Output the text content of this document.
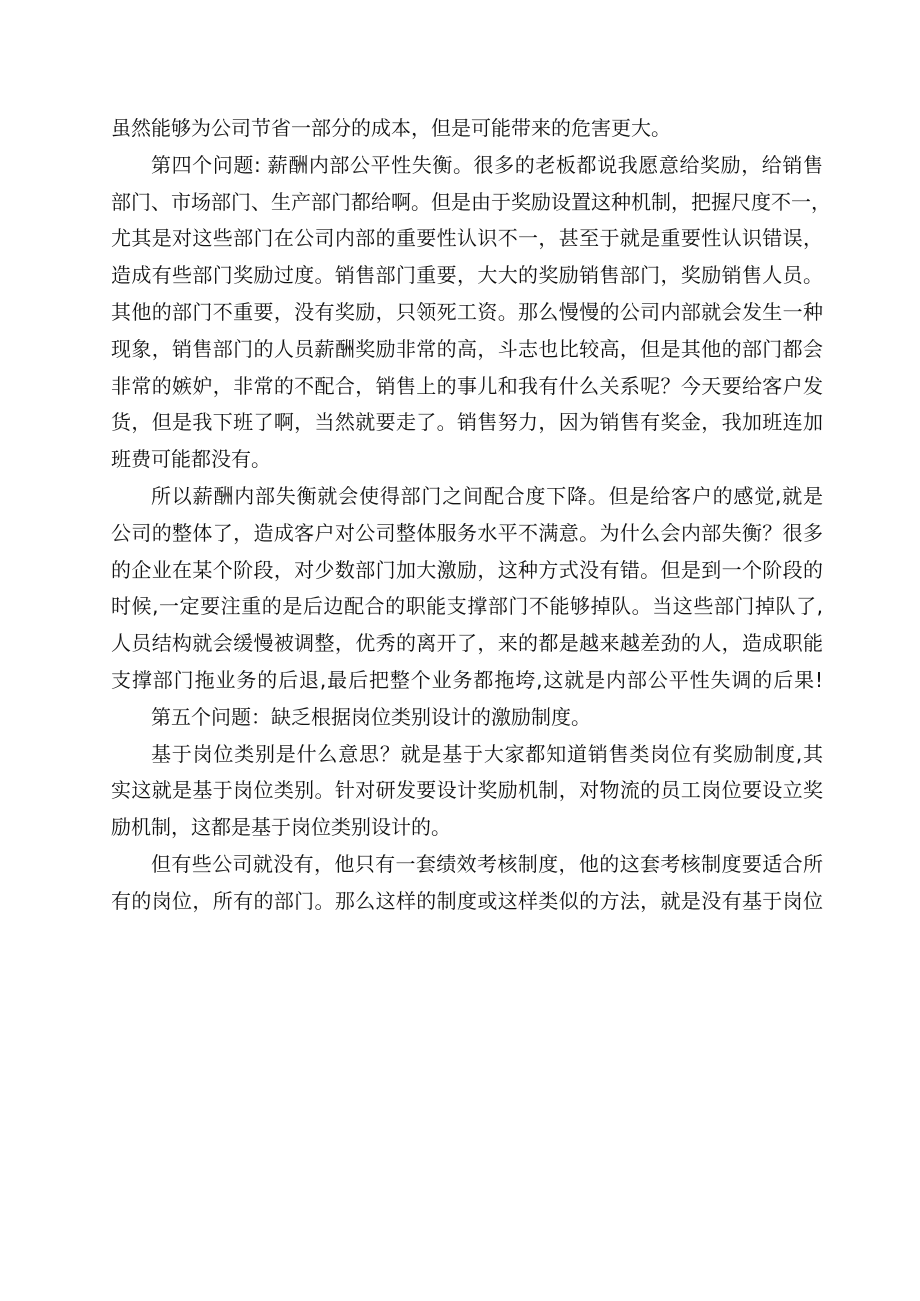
虽然能够为公司节省一部分的成本，但是可能带来的危害更大。
第四个问题: 薪酬内部公平性失衡。很多的老板都说我愿意给奖励，给销售
部门、市场部门、生产部门都给啊。但是由于奖励设置这种机制，把握尺度不一，
尤其是对这些部门在公司内部的重要性认识不一，甚至于就是重要性认识错误，
造成有些部门奖励过度。销售部门重要，大大的奖励销售部门，奖励销售人员。
其他的部门不重要，没有奖励，只领死工资。那么慢慢的公司内部就会发生一种
现象，销售部门的人员薪酬奖励非常的高，斗志也比较高，但是其他的部门都会
非常的嫉妒，非常的不配合，销售上的事儿和我有什么关系呢？今天要给客户发
货，但是我下班了啊，当然就要走了。销售努力，因为销售有奖金，我加班连加
班费可能都没有。
所以薪酬内部失衡就会使得部门之间配合度下降。但是给客户的感觉,就是
公司的整体了，造成客户对公司整体服务水平不满意。为什么会内部失衡？很多
的企业在某个阶段，对少数部门加大激励，这种方式没有错。但是到一个阶段的
时候,一定要注重的是后边配合的职能支撑部门不能够掉队。当这些部门掉队了,
人员结构就会缓慢被调整，优秀的离开了，来的都是越来越差劲的人，造成职能
支撑部门拖业务的后退,最后把整个业务都拖垮,这就是内部公平性失调的后果!
第五个问题：缺乏根据岗位类别设计的激励制度。
基于岗位类别是什么意思？就是基于大家都知道销售类岗位有奖励制度,其
实这就是基于岗位类别。针对研发要设计奖励机制，对物流的员工岗位要设立奖
励机制，这都是基于岗位类别设计的。
但有些公司就没有，他只有一套绩效考核制度，他的这套考核制度要适合所
有的岗位，所有的部门。那么这样的制度或这样类似的方法，就是没有基于岗位
